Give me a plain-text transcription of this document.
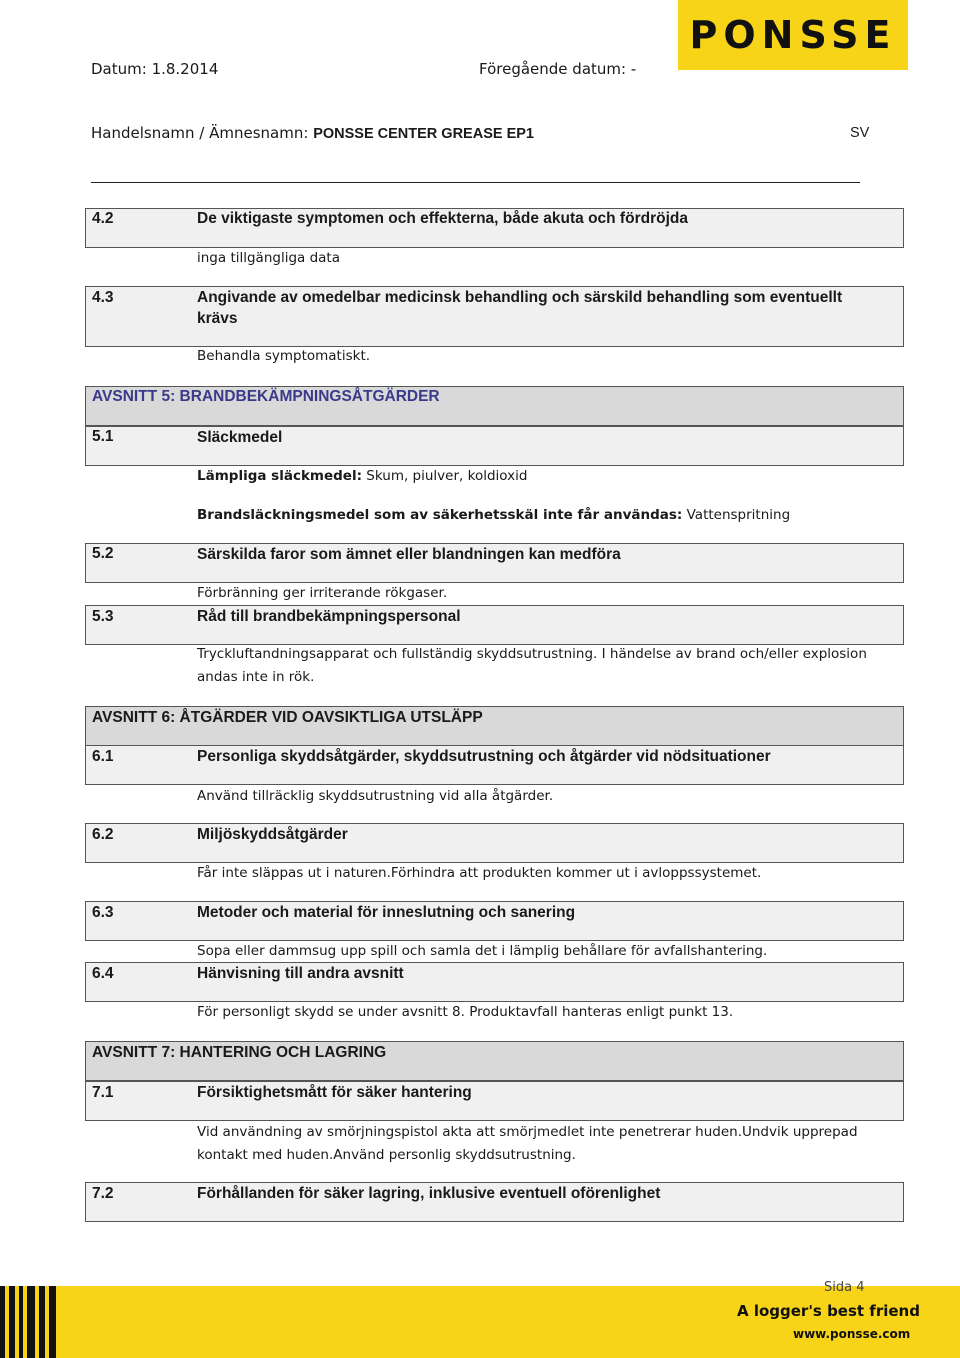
Datum: 1.8.2014	Föregående datum: -
PONSSE
Handelsnamn / Ämnesnamn: PONSSE CENTER GREASE EP1	SV
4.2	De viktigaste symptomen och effekterna, både akuta och fördröjda
inga tillgängliga data
4.3	Angivande av omedelbar medicinsk behandling och särskild behandling som eventuellt
krävs
Behandla symptomatiskt.
AVSNITT 5: BRANDBEKÄMPNINGSÅTGÄRDER
5.1	Släckmedel
Lämpliga släckmedel: Skum, piulver, koldioxid
Brandsläckningsmedel som av säkerhetsskäl inte får användas: Vattenspritning
5.2	Särskilda faror som ämnet eller blandningen kan medföra
Förbränning ger irriterande rökgaser.
5.3	Råd till brandbekämpningspersonal
Tryckluftandningsapparat och fullständig skyddsutrustning. I händelse av brand och/eller explosion
andas inte in rök.
AVSNITT 6: ÅTGÄRDER VID OAVSIKTLIGA UTSLÄPP
6.1	Personliga skyddsåtgärder, skyddsutrustning och åtgärder vid nödsituationer
Använd tillräcklig skyddsutrustning vid alla åtgärder.
6.2	Miljöskyddsåtgärder
Får inte släppas ut i naturen.Förhindra att produkten kommer ut i avloppssystemet.
6.3	Metoder och material för inneslutning och sanering
Sopa eller dammsug upp spill och samla det i lämplig behållare för avfallshantering.
6.4	Hänvisning till andra avsnitt
För personligt skydd se under avsnitt 8. Produktavfall hanteras enligt punkt 13.
AVSNITT 7: HANTERING OCH LAGRING
7.1	Försiktighetsmått för säker hantering
Vid användning av smörjningspistol akta att smörjmedlet inte penetrerar huden.Undvik upprepad
kontakt med huden.Använd personlig skyddsutrustning.
7.2	Förhållanden för säker lagring, inklusive eventuell oförenlighet
A logger's best friend
www.ponsse.com
